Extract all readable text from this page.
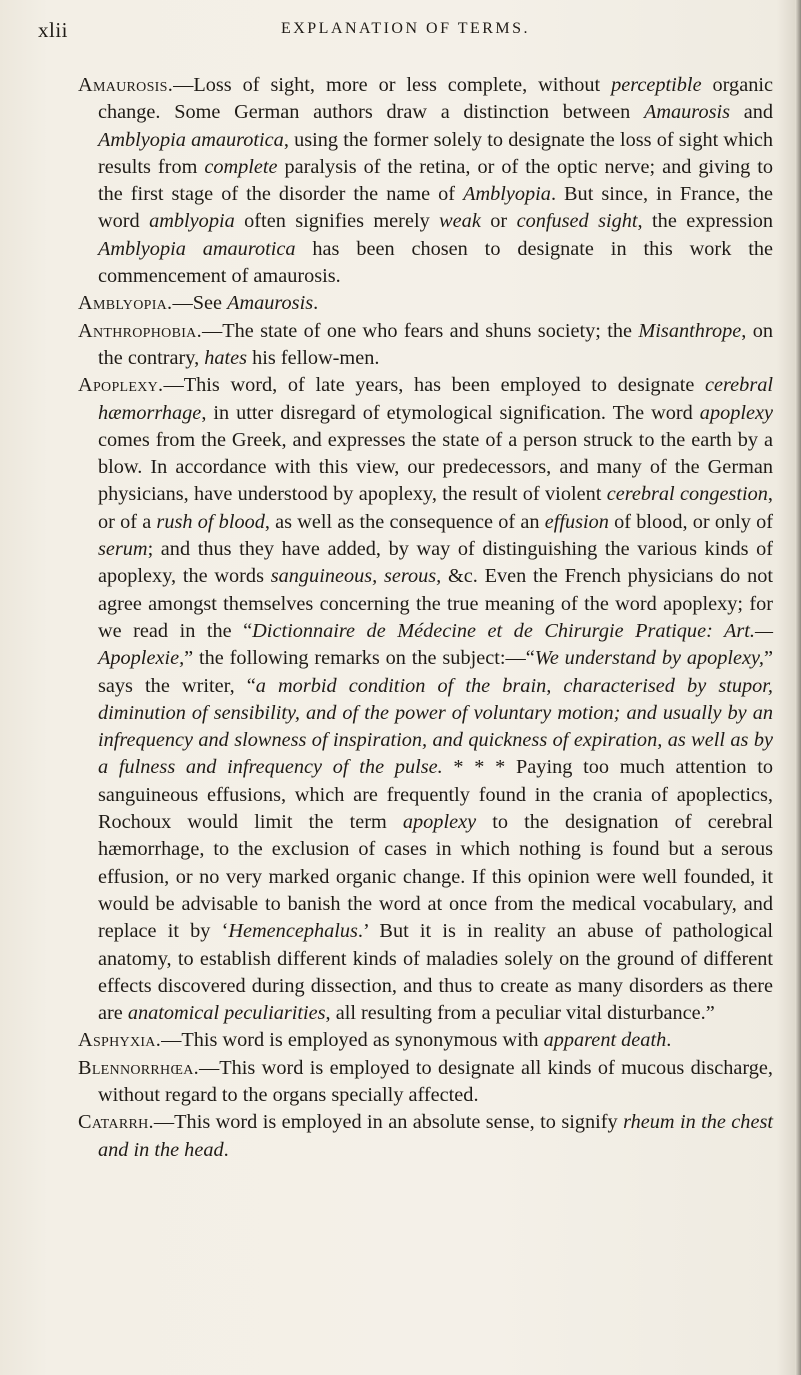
xlii	EXPLANATION OF TERMS.

Amaurosis.—Loss of sight, more or less complete, without perceptible organic change. Some German authors draw a distinction between Amaurosis and Amblyopia amaurotica, using the former solely to designate the loss of sight which results from complete paralysis of the retina, or of the optic nerve; and giving to the first stage of the disorder the name of Amblyopia. But since, in France, the word amblyopia often signifies merely weak or confused sight, the expression Amblyopia amaurotica has been chosen to designate in this work the commencement of amaurosis.

Amblyopia.—See Amaurosis.

Anthrophobia.—The state of one who fears and shuns society; the Misanthrope, on the contrary, hates his fellow-men.

Apoplexy.—This word, of late years, has been employed to designate cerebral hæmorrhage, in utter disregard of etymological signification. The word apoplexy comes from the Greek, and expresses the state of a person struck to the earth by a blow. In accordance with this view, our predecessors, and many of the German physicians, have understood by apoplexy, the result of violent cerebral congestion, or of a rush of blood, as well as the consequence of an effusion of blood, or only of serum; and thus they have added, by way of distinguishing the various kinds of apoplexy, the words sanguineous, serous, &c. Even the French physicians do not agree amongst themselves concerning the true meaning of the word apoplexy; for we read in the “Dictionnaire de Médecine et de Chirurgie Pratique: Art.—Apoplexie,” the following remarks on the subject:—“We understand by apoplexy,” says the writer, “a morbid condition of the brain, characterised by stupor, diminution of sensibility, and of the power of voluntary motion; and usually by an infrequency and slowness of inspiration, and quickness of expiration, as well as by a fulness and infrequency of the pulse. * * * Paying too much attention to sanguineous effusions, which are frequently found in the crania of apoplectics, Rochoux would limit the term apoplexy to the designation of cerebral hæmorrhage, to the exclusion of cases in which nothing is found but a serous effusion, or no very marked organic change. If this opinion were well founded, it would be advisable to banish the word at once from the medical vocabulary, and replace it by ‘Hemencephalus.’ But it is in reality an abuse of pathological anatomy, to establish different kinds of maladies solely on the ground of different effects discovered during dissection, and thus to create as many disorders as there are anatomical peculiarities, all resulting from a peculiar vital disturbance.”

Asphyxia.—This word is employed as synonymous with apparent death.

Blennorrhœa.—This word is employed to designate all kinds of mucous discharge, without regard to the organs specially affected.

Catarrh.—This word is employed in an absolute sense, to signify rheum in the chest and in the head.
